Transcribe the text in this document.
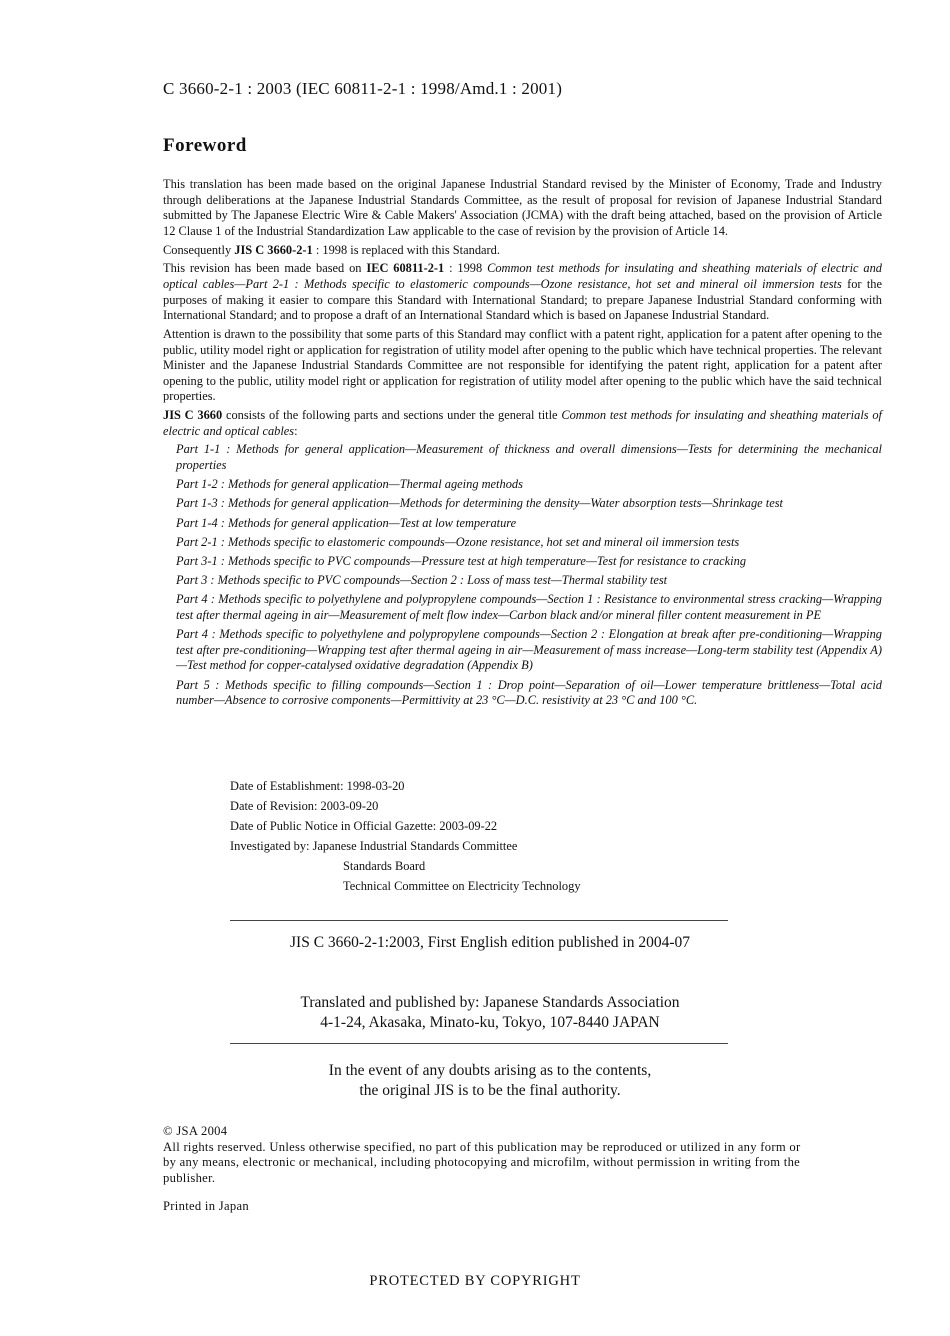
C 3660-2-1 : 2003 (IEC 60811-2-1 : 1998/Amd.1 : 2001)
Foreword

This translation has been made based on the original Japanese Industrial Standard revised by the Minister of Economy, Trade and Industry through deliberations at the Japanese Industrial Standards Committee, as the result of proposal for revision of Japanese Industrial Standard submitted by The Japanese Electric Wire & Cable Makers' Association (JCMA) with the draft being attached, based on the provision of Article 12 Clause 1 of the Industrial Standardization Law applicable to the case of revision by the provision of Article 14.

Consequently JIS C 3660-2-1 : 1998 is replaced with this Standard.

This revision has been made based on IEC 60811-2-1 : 1998 Common test methods for insulating and sheathing materials of electric and optical cables—Part 2-1 : Methods specific to elastomeric compounds—Ozone resistance, hot set and mineral oil immersion tests for the purposes of making it easier to compare this Standard with International Standard; to prepare Japanese Industrial Standard conforming with International Standard; and to propose a draft of an International Standard which is based on Japanese Industrial Standard.

Attention is drawn to the possibility that some parts of this Standard may conflict with a patent right, application for a patent after opening to the public, utility model right or application for registration of utility model after opening to the public which have technical properties. The relevant Minister and the Japanese Industrial Standards Committee are not responsible for identifying the patent right, application for a patent after opening to the public, utility model right or application for registration of utility model after opening to the public which have the said technical properties.

JIS C 3660 consists of the following parts and sections under the general title Common test methods for insulating and sheathing materials of electric and optical cables:

Part 1-1 : Methods for general application—Measurement of thickness and overall dimensions—Tests for determining the mechanical properties
Part 1-2 : Methods for general application—Thermal ageing methods
Part 1-3 : Methods for general application—Methods for determining the density—Water absorption tests—Shrinkage test
Part 1-4 : Methods for general application—Test at low temperature
Part 2-1 : Methods specific to elastomeric compounds—Ozone resistance, hot set and mineral oil immersion tests
Part 3-1 : Methods specific to PVC compounds—Pressure test at high temperature—Test for resistance to cracking
Part 3 : Methods specific to PVC compounds—Section 2 : Loss of mass test—Thermal stability test
Part 4 : Methods specific to polyethylene and polypropylene compounds—Section 1 : Resistance to environmental stress cracking—Wrapping test after thermal ageing in air—Measurement of melt flow index—Carbon black and/or mineral filler content measurement in PE
Part 4 : Methods specific to polyethylene and polypropylene compounds—Section 2 : Elongation at break after pre-conditioning—Wrapping test after pre-conditioning—Wrapping test after thermal ageing in air—Measurement of mass increase—Long-term stability test (Appendix A)—Test method for copper-catalysed oxidative degradation (Appendix B)
Part 5 : Methods specific to filling compounds—Section 1 : Drop point—Separation of oil—Lower temperature brittleness—Total acid number—Absence to corrosive components—Permittivity at 23 °C—D.C. resistivity at 23 °C and 100 °C.
Date of Establishment: 1998-03-20
Date of Revision: 2003-09-20
Date of Public Notice in Official Gazette: 2003-09-22
Investigated by: Japanese Industrial Standards Committee
Standards Board
Technical Committee on Electricity Technology
JIS C 3660-2-1:2003, First English edition published in 2004-07
Translated and published by: Japanese Standards Association
4-1-24, Akasaka, Minato-ku, Tokyo, 107-8440 JAPAN
In the event of any doubts arising as to the contents,
the original JIS is to be the final authority.
© JSA 2004
All rights reserved. Unless otherwise specified, no part of this publication may be reproduced or utilized in any form or by any means, electronic or mechanical, including photocopying and microfilm, without permission in writing from the publisher.
Printed in Japan
PROTECTED BY COPYRIGHT
